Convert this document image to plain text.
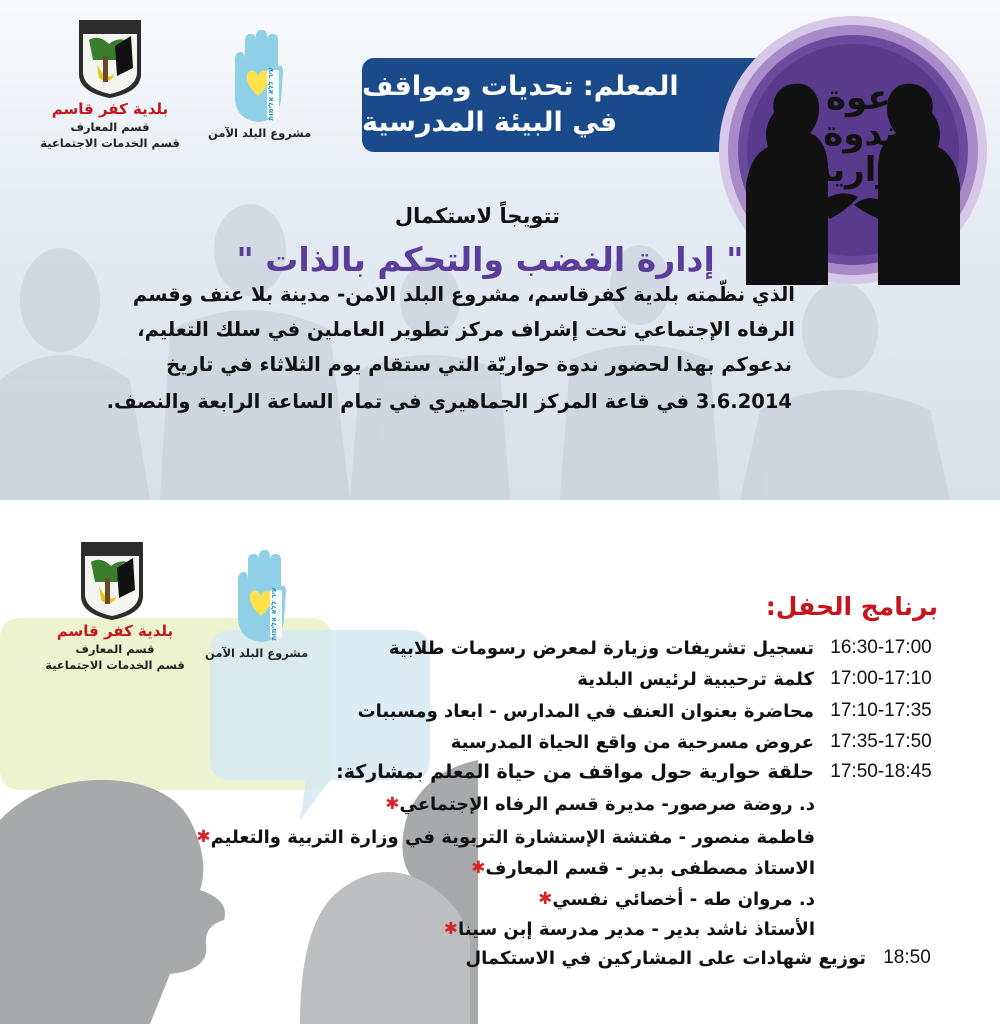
بلدية كفر قاسم
قسم المعارف
قسم الخدمات الاجتماعية
עיר ללא אלימות
مشروع البلد الآمن
المعلم: تحديات ومواقف
في البيئة المدرسية
دعوة
لندوة
حوارية
تتويجاً لاستكمال
" إدارة الغضب والتحكم بالذات "
الذي نظّمته بلدية كفرقاسم، مشروع البلد الامن- مدينة بلا عنف وقسم
الرفاه الإجتماعي تحت إشراف مركز تطوير العاملين في سلك التعليم،
ندعوكم بهذا لحضور ندوة حواريّة التي ستقام يوم الثلاثاء في تاريخ
3.6.2014 في قاعة المركز الجماهيري في تمام الساعة الرابعة والنصف.
بلدية كفر قاسم
قسم المعارف
قسم الخدمات الاجتماعية
עיר ללא אלימות
مشروع البلد الآمن
برنامج الحفل:
16:30-17:00
تسجيل تشريفات وزيارة لمعرض رسومات طلابية
17:00-17:10
كلمة ترحيبية لرئيس البلدية
17:10-17:35
محاضرة بعنوان العنف في المدارس - ابعاد ومسببات
17:35-17:50
عروض مسرحية من واقع الحياة المدرسية
17:50-18:45
حلقة حوارية حول مواقف من حياة المعلم بمشاركة:
✱ د. روضة صرصور- مديرة قسم الرفاه الإجتماعي
✱ فاطمة منصور - مفتشة الإستشارة التربوية في وزارة التربية والتعليم
✱ الاستاذ مصطفى بدير - قسم المعارف
✱ د. مروان طه - أخصائي نفسي
✱ الأستاذ ناشد بدير - مدير مدرسة إبن سينا
18:50
توزيع شهادات على المشاركين في الاستكمال
